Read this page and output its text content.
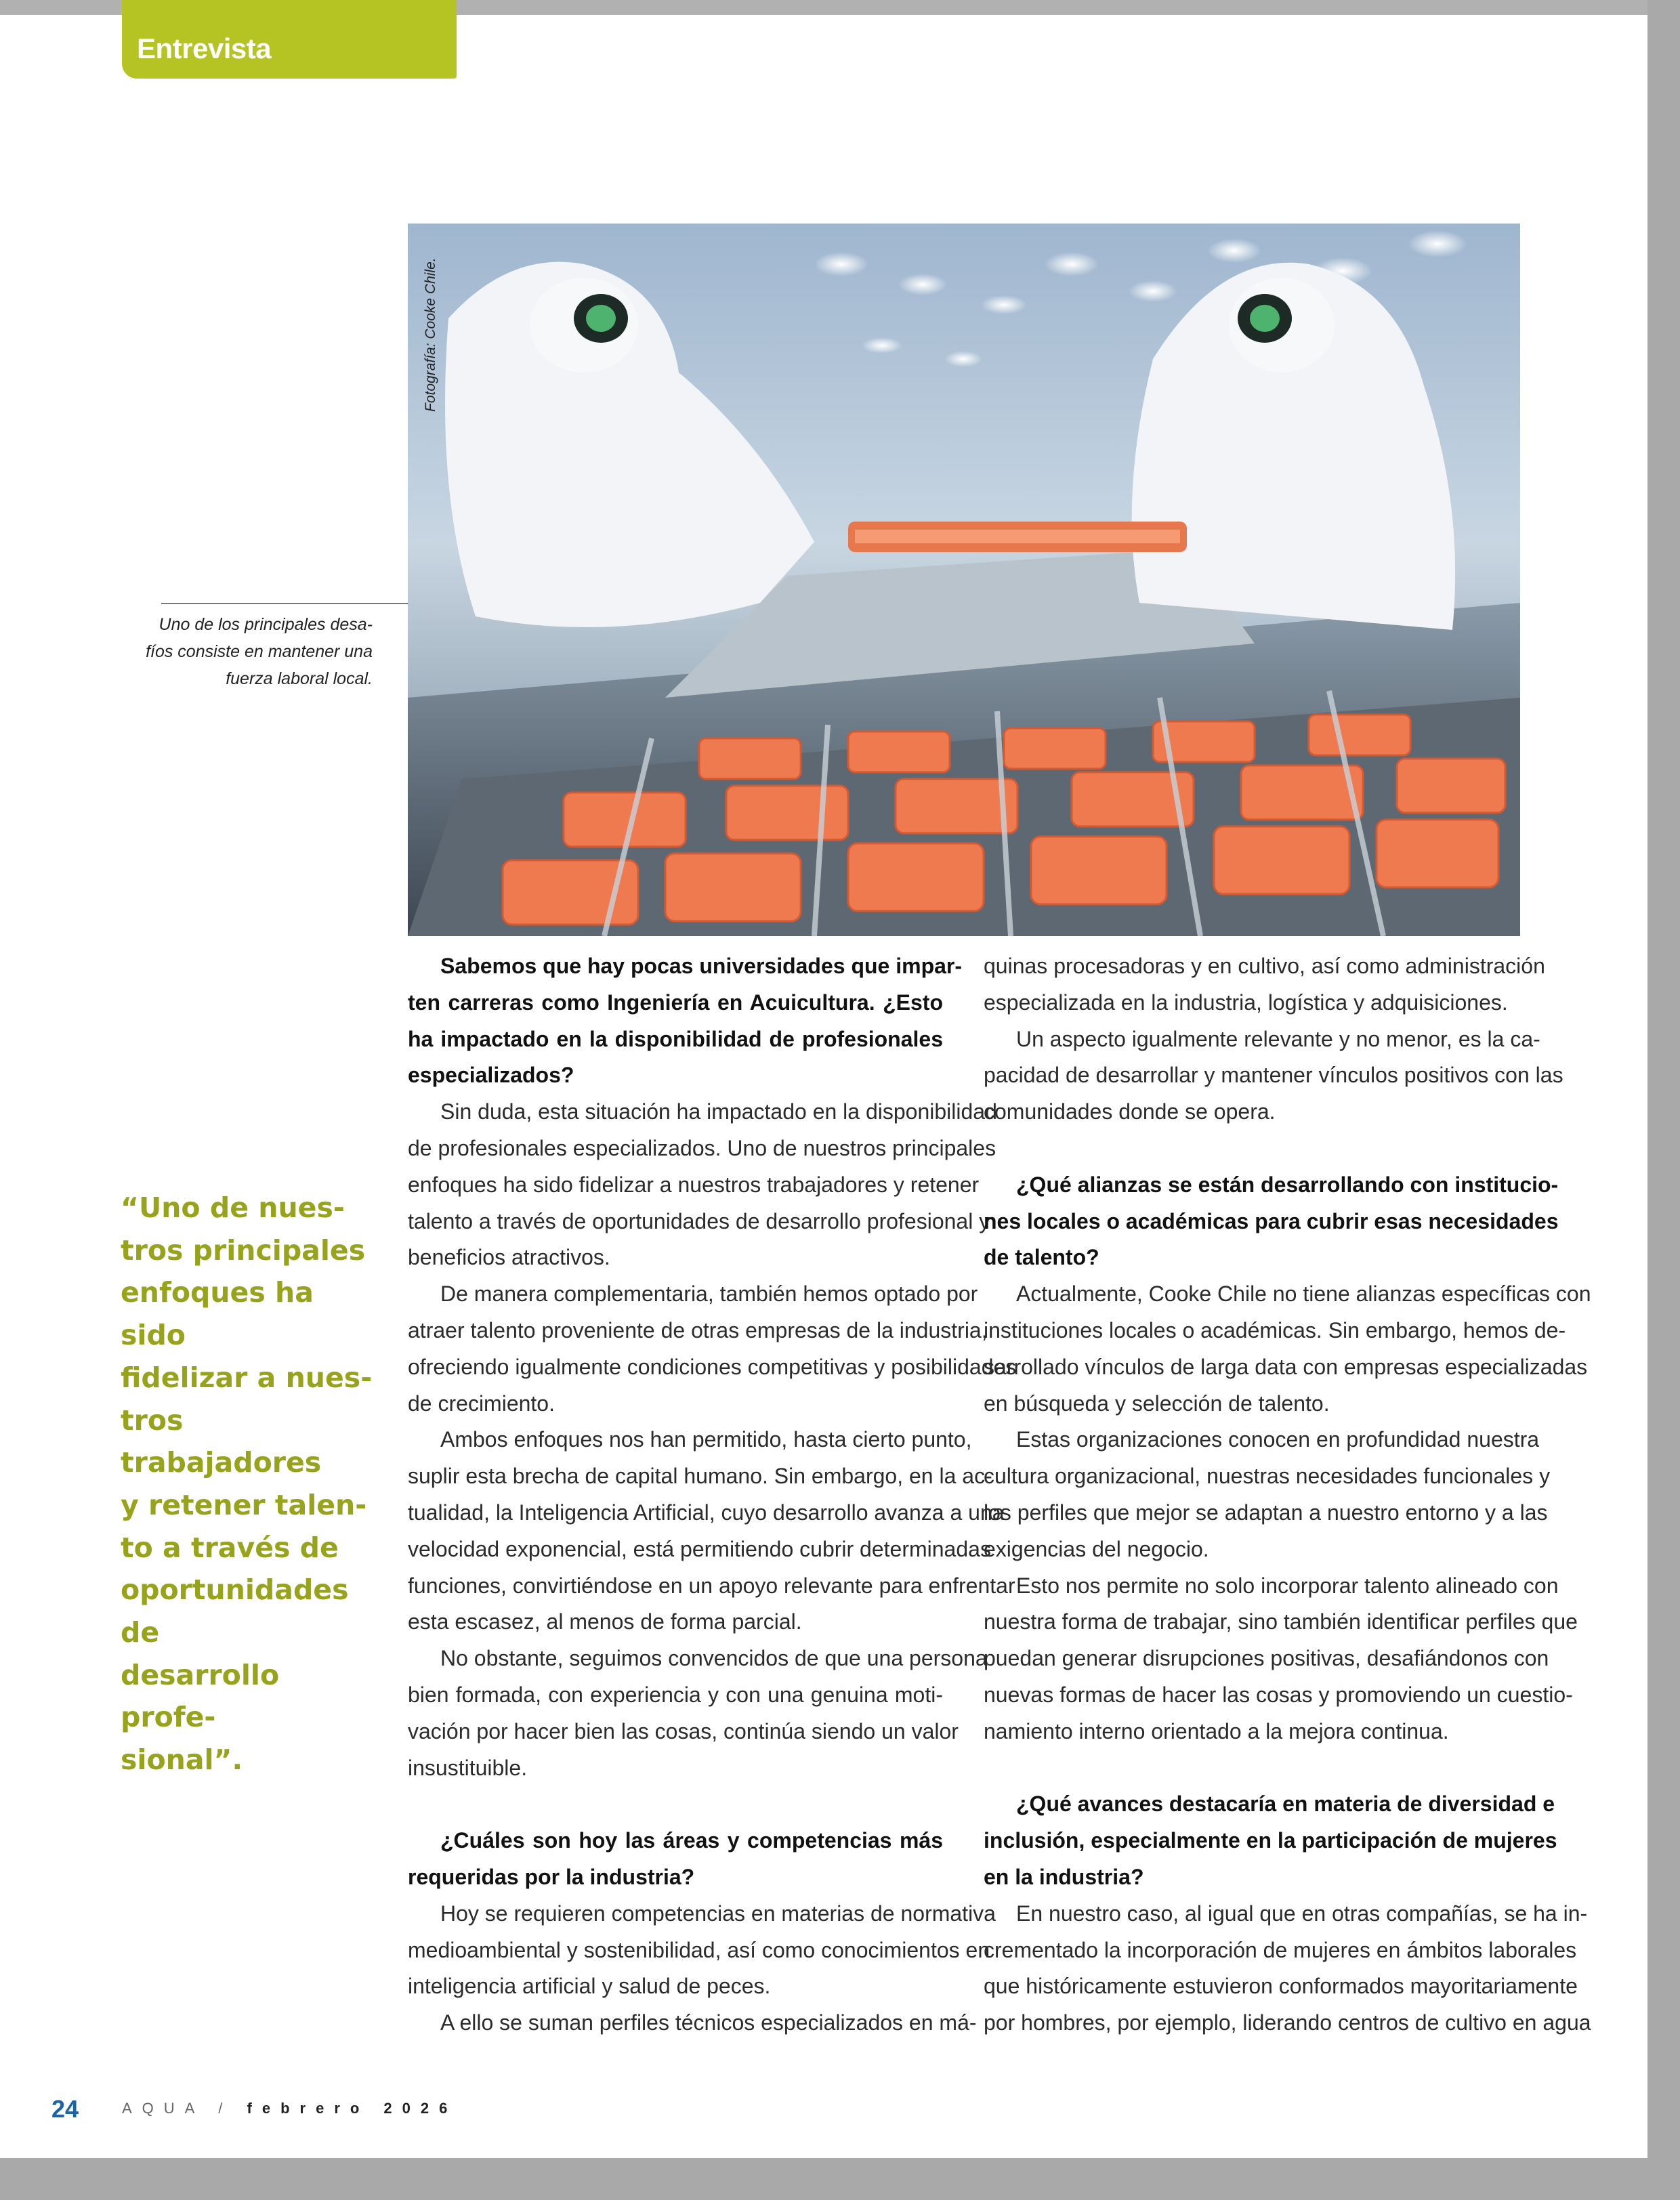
Entrevista
Fotografía: Cooke Chile.
Uno de los principales desa-
fíos consiste en mantener una
fuerza laboral local.
“Uno de nues-
tros principales
enfoques ha sido
fidelizar a nues-
tros trabajadores
y retener talen-
to a través de
oportunidades de
desarrollo profe-
sional”.
Sabemos que hay pocas universidades que impar-
ten carreras como Ingeniería en Acuicultura. ¿Esto
ha impactado en la disponibilidad de profesionales
especializados?
Sin duda, esta situación ha impactado en la disponibilidad
de profesionales especializados. Uno de nuestros principales
enfoques ha sido fidelizar a nuestros trabajadores y retener
talento a través de oportunidades de desarrollo profesional y
beneficios atractivos.
De manera complementaria, también hemos optado por
atraer talento proveniente de otras empresas de la industria,
ofreciendo igualmente condiciones competitivas y posibilidades
de crecimiento.
Ambos enfoques nos han permitido, hasta cierto punto,
suplir esta brecha de capital humano. Sin embargo, en la ac-
tualidad, la Inteligencia Artificial, cuyo desarrollo avanza a una
velocidad exponencial, está permitiendo cubrir determinadas
funciones, convirtiéndose en un apoyo relevante para enfrentar
esta escasez, al menos de forma parcial.
No obstante, seguimos convencidos de que una persona
bien formada, con experiencia y con una genuina moti-
vación por hacer bien las cosas, continúa siendo un valor
insustituible.
¿Cuáles son hoy las áreas y competencias más
requeridas por la industria?
Hoy se requieren competencias en materias de normativa
medioambiental y sostenibilidad, así como conocimientos en
inteligencia artificial y salud de peces.
A ello se suman perfiles técnicos especializados en má-
quinas procesadoras y en cultivo, así como administración
especializada en la industria, logística y adquisiciones.
Un aspecto igualmente relevante y no menor, es la ca-
pacidad de desarrollar y mantener vínculos positivos con las
comunidades donde se opera.
¿Qué alianzas se están desarrollando con institucio-
nes locales o académicas para cubrir esas necesidades
de talento?
Actualmente, Cooke Chile no tiene alianzas específicas con
instituciones locales o académicas. Sin embargo, hemos de-
sarrollado vínculos de larga data con empresas especializadas
en búsqueda y selección de talento.
Estas organizaciones conocen en profundidad nuestra
cultura organizacional, nuestras necesidades funcionales y
los perfiles que mejor se adaptan a nuestro entorno y a las
exigencias del negocio.
Esto nos permite no solo incorporar talento alineado con
nuestra forma de trabajar, sino también identificar perfiles que
puedan generar disrupciones positivas, desafiándonos con
nuevas formas de hacer las cosas y promoviendo un cuestio-
namiento interno orientado a la mejora continua.
¿Qué avances destacaría en materia de diversidad e
inclusión, especialmente en la participación de mujeres
en la industria?
En nuestro caso, al igual que en otras compañías, se ha in-
crementado la incorporación de mujeres en ámbitos laborales
que históricamente estuvieron conformados mayoritariamente
por hombres, por ejemplo, liderando centros de cultivo en agua
24	AQUA / febrero 2026
